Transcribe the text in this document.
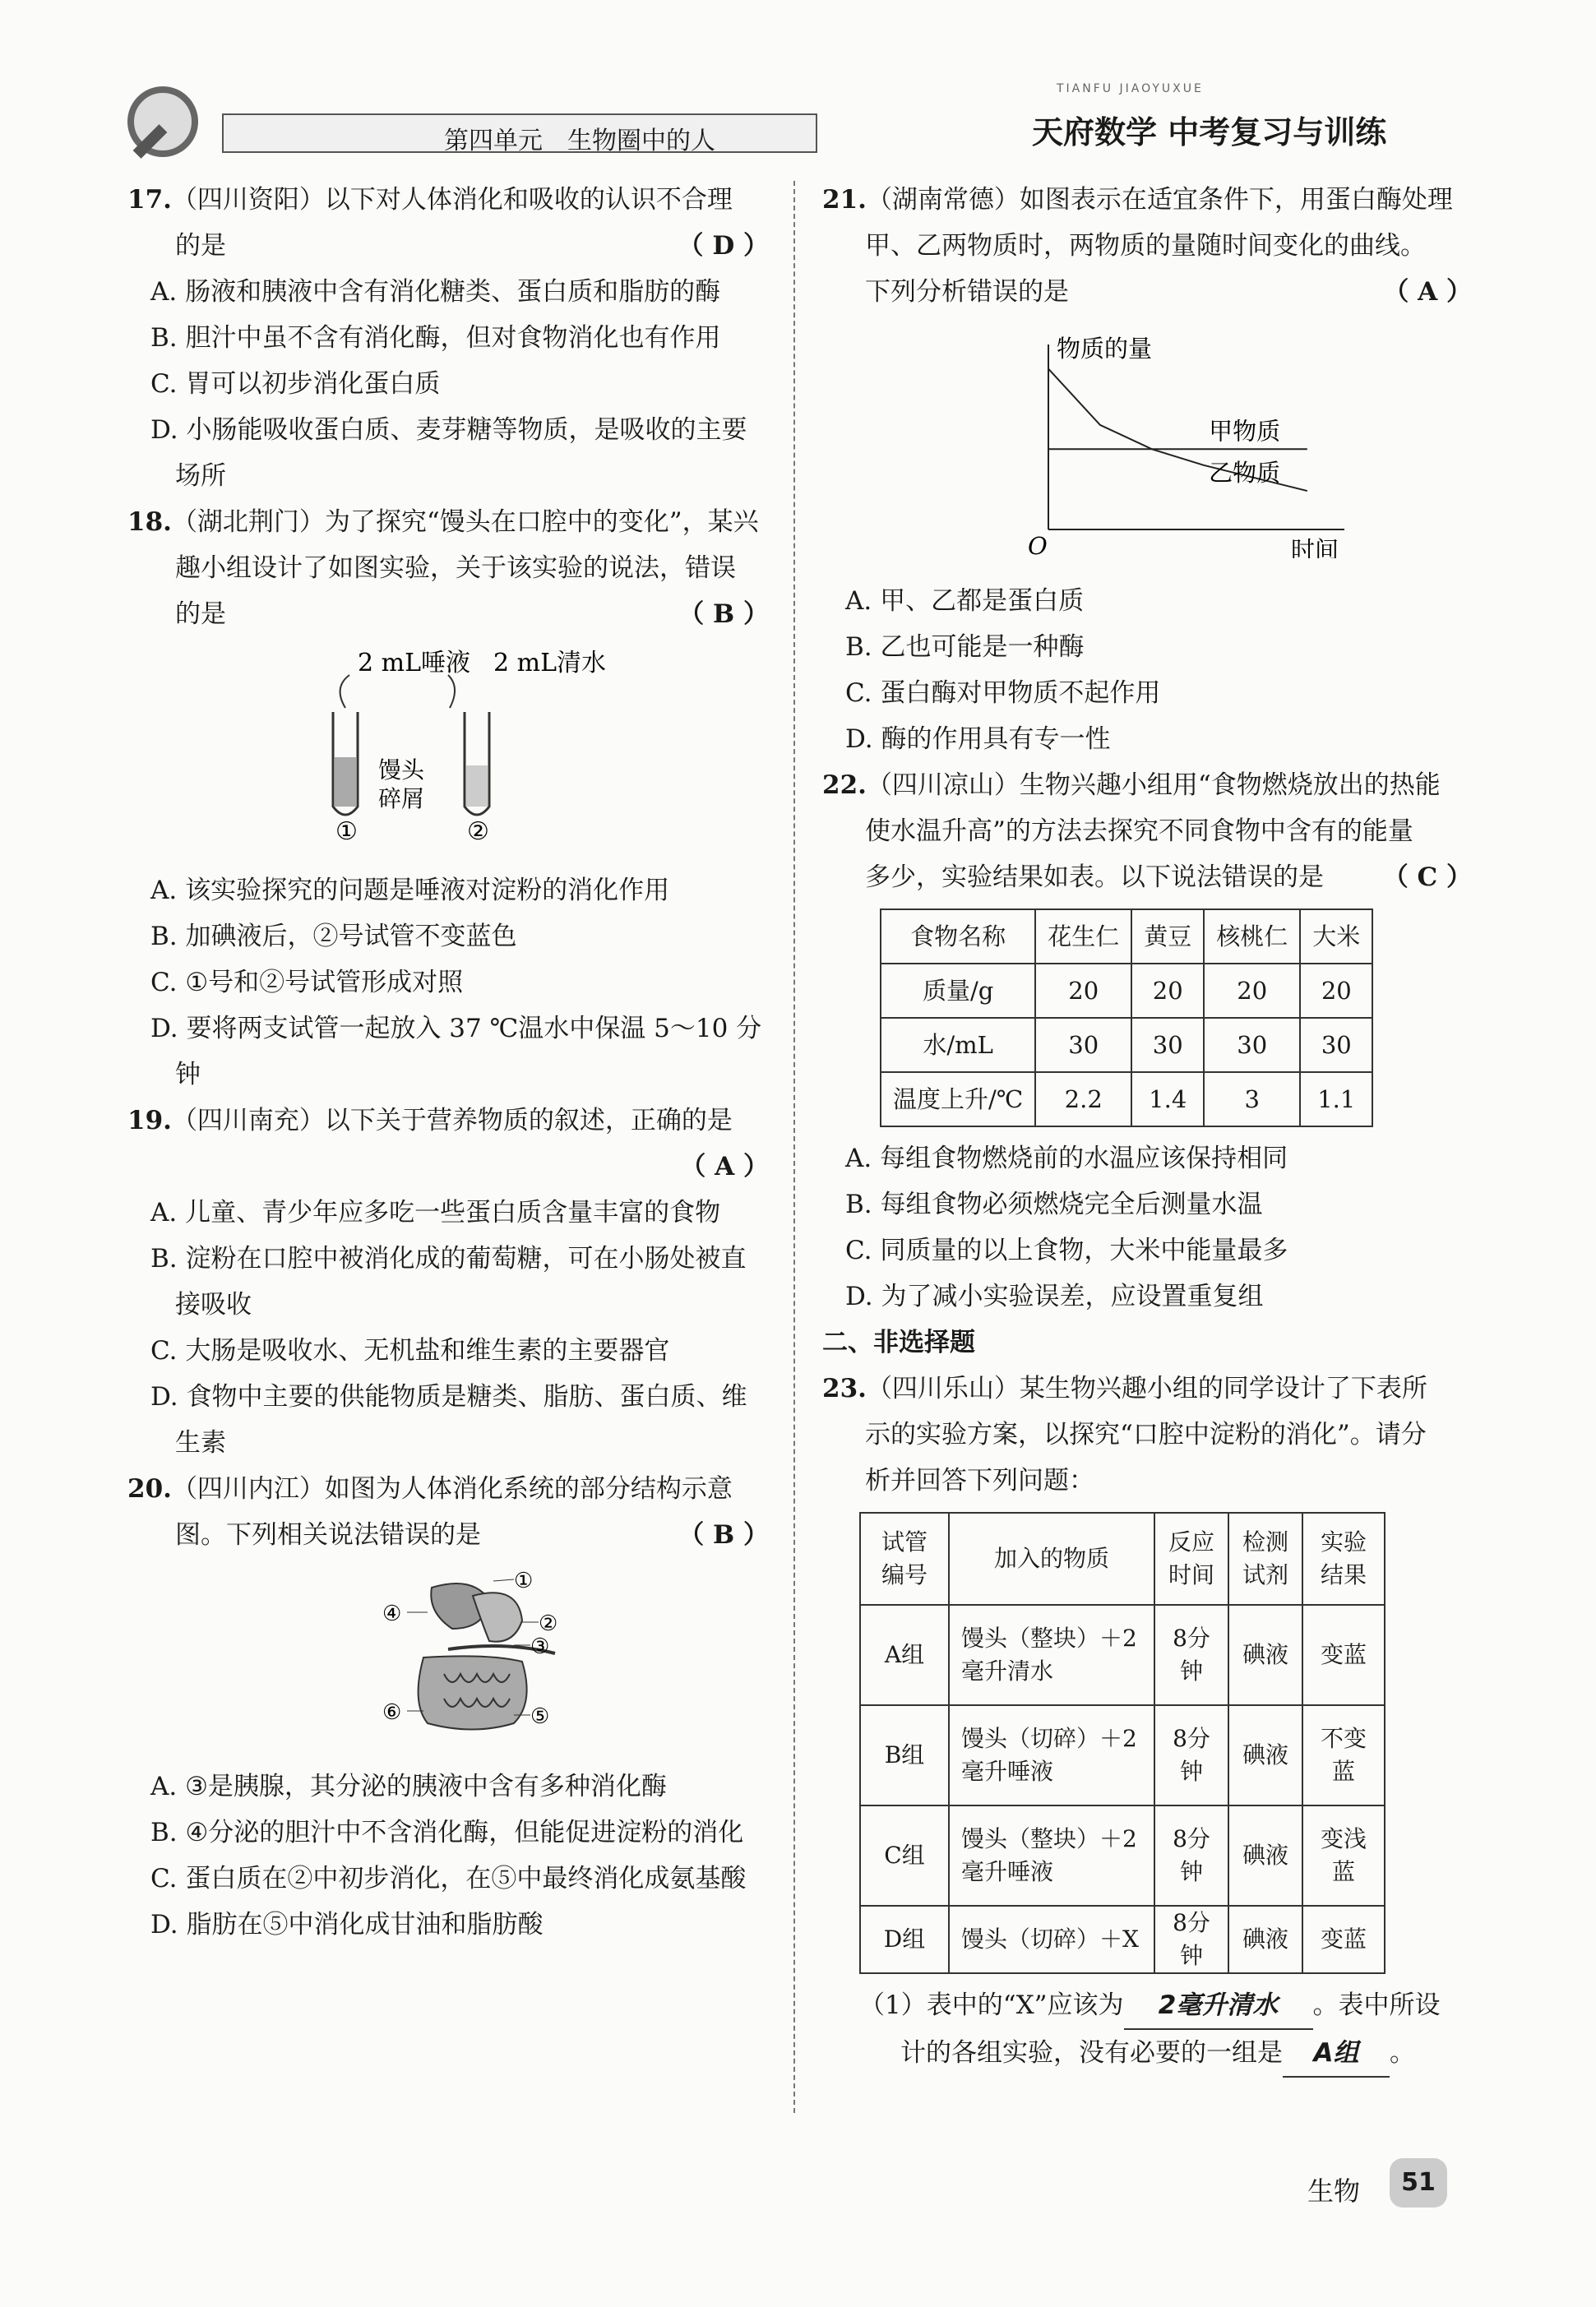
第四单元　生物圈中的人
TIANFU JIAOYUXUE
天府数学 中考复习与训练
17.（四川资阳）以下对人体消化和吸收的认识不合理
的是	（ D ）
A. 肠液和胰液中含有消化糖类、蛋白质和脂肪的酶
B. 胆汁中虽不含有消化酶，但对食物消化也有作用
C. 胃可以初步消化蛋白质
D. 小肠能吸收蛋白质、麦芽糖等物质，是吸收的主要场所
18.（湖北荆门）为了探究“馒头在口腔中的变化”，某兴
趣小组设计了如图实验，关于该实验的说法，错误
的是	（ B ）
2 mL唾液 2 mL清水
馒头
碎屑
①	②
A. 该实验探究的问题是唾液对淀粉的消化作用
B. 加碘液后，②号试管不变蓝色
C. ①号和②号试管形成对照
D. 要将两支试管一起放入 37 ℃温水中保温 5～10 分钟
19.（四川南充）以下关于营养物质的叙述，正确的是
（ A ）
A. 儿童、青少年应多吃一些蛋白质含量丰富的食物
B. 淀粉在口腔中被消化成的葡萄糖，可在小肠处被直接吸收
C. 大肠是吸收水、无机盐和维生素的主要器官
D. 食物中主要的供能物质是糖类、脂肪、蛋白质、维生素
20.（四川内江）如图为人体消化系统的部分结构示意
图。下列相关说法错误的是	（ B ）
①
②
③
④
⑤
⑥
A. ③是胰腺，其分泌的胰液中含有多种消化酶
B. ④分泌的胆汁中不含消化酶，但能促进淀粉的消化
C. 蛋白质在②中初步消化，在⑤中最终消化成氨基酸
D. 脂肪在⑤中消化成甘油和脂肪酸
21.（湖南常德）如图表示在适宜条件下，用蛋白酶处理
甲、乙两物质时，两物质的量随时间变化的曲线。
下列分析错误的是	（ A ）
物质的量
时间
O
甲物质
乙物质
A. 甲、乙都是蛋白质
B. 乙也可能是一种酶
C. 蛋白酶对甲物质不起作用
D. 酶的作用具有专一性
22.（四川凉山）生物兴趣小组用“食物燃烧放出的热能
使水温升高”的方法去探究不同食物中含有的能量
多少，实验结果如表。以下说法错误的是 （ C ）
食物名称	花生仁	黄豆	核桃仁	大米
质量/g	20	20	20	20
水/mL	30	30	30	30
温度上升/℃	2.2	1.4	3	1.1
A. 每组食物燃烧前的水温应该保持相同
B. 每组食物必须燃烧完全后测量水温
C. 同质量的以上食物，大米中能量最多
D. 为了减小实验误差，应设置重复组
二、非选择题
23.（四川乐山）某生物兴趣小组的同学设计了下表所
示的实验方案，以探究“口腔中淀粉的消化”。请分
析并回答下列问题：
试管编号	加入的物质	反应时间	检测试剂	实验结果
A组	馒头（整块）＋2毫升清水	8分钟	碘液	变蓝
B组	馒头（切碎）＋2毫升唾液	8分钟	碘液	不变蓝
C组	馒头（整块）＋2毫升唾液	8分钟	碘液	变浅蓝
D组	馒头（切碎）＋X	8分钟	碘液	变蓝
（1）表中的“X”应该为 2毫升清水 。表中所设
计的各组实验，没有必要的一组是 A组 。
生物	51
